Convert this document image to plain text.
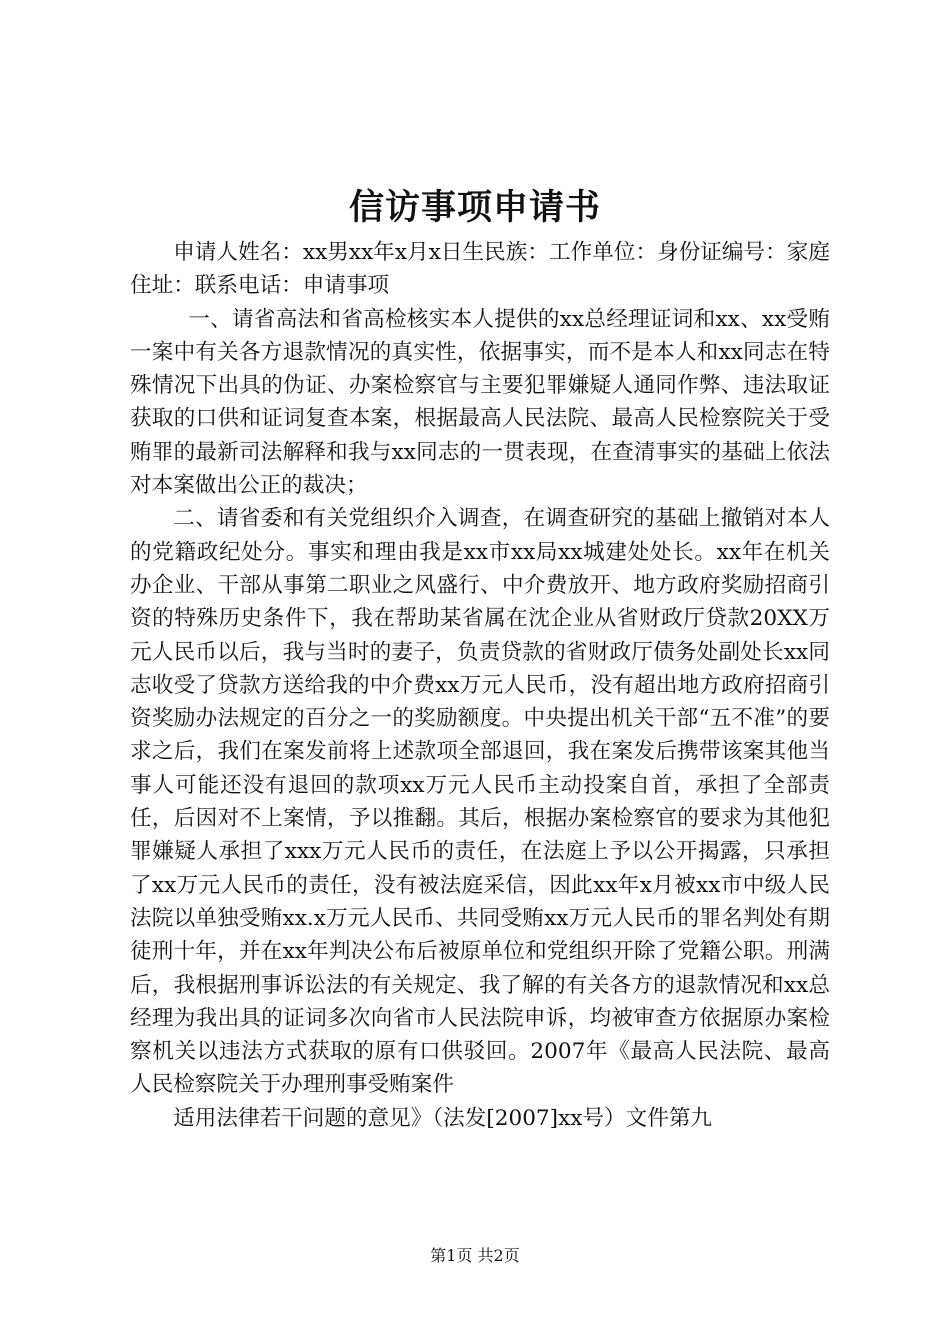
信访事项申请书

申请人姓名：xx男xx年x月x日生民族：工作单位：身份证编号：家庭住址：联系电话：申请事项

一、请省高法和省高检核实本人提供的xx总经理证词和xx、xx受贿一案中有关各方退款情况的真实性，依据事实，而不是本人和xx同志在特殊情况下出具的伪证、办案检察官与主要犯罪嫌疑人通同作弊、违法取证获取的口供和证词复查本案，根据最高人民法院、最高人民检察院关于受贿罪的最新司法解释和我与xx同志的一贯表现，在查清事实的基础上依法对本案做出公正的裁决；

二、请省委和有关党组织介入调查，在调查研究的基础上撤销对本人的党籍政纪处分。事实和理由我是xx市xx局xx城建处处长。xx年在机关办企业、干部从事第二职业之风盛行、中介费放开、地方政府奖励招商引资的特殊历史条件下，我在帮助某省属在沈企业从省财政厅贷款20XX万元人民币以后，我与当时的妻子，负责贷款的省财政厅债务处副处长xx同志收受了贷款方送给我的中介费xx万元人民币，没有超出地方政府招商引资奖励办法规定的百分之一的奖励额度。中央提出机关干部“五不准”的要求之后，我们在案发前将上述款项全部退回，我在案发后携带该案其他当事人可能还没有退回的款项xx万元人民币主动投案自首，承担了全部责任，后因对不上案情，予以推翻。其后，根据办案检察官的要求为其他犯罪嫌疑人承担了xxx万元人民币的责任，在法庭上予以公开揭露，只承担了xx万元人民币的责任，没有被法庭采信，因此xx年x月被xx市中级人民法院以单独受贿xx.x万元人民币、共同受贿xx万元人民币的罪名判处有期徒刑十年，并在xx年判决公布后被原单位和党组织开除了党籍公职。刑满后，我根据刑事诉讼法的有关规定、我了解的有关各方的退款情况和xx总经理为我出具的证词多次向省市人民法院申诉，均被审查方依据原办案检察机关以违法方式获取的原有口供驳回。2007年《最高人民法院、最高人民检察院关于办理刑事受贿案件

适用法律若干问题的意见》（法发[2007]xx号）文件第九

第1页 共2页
